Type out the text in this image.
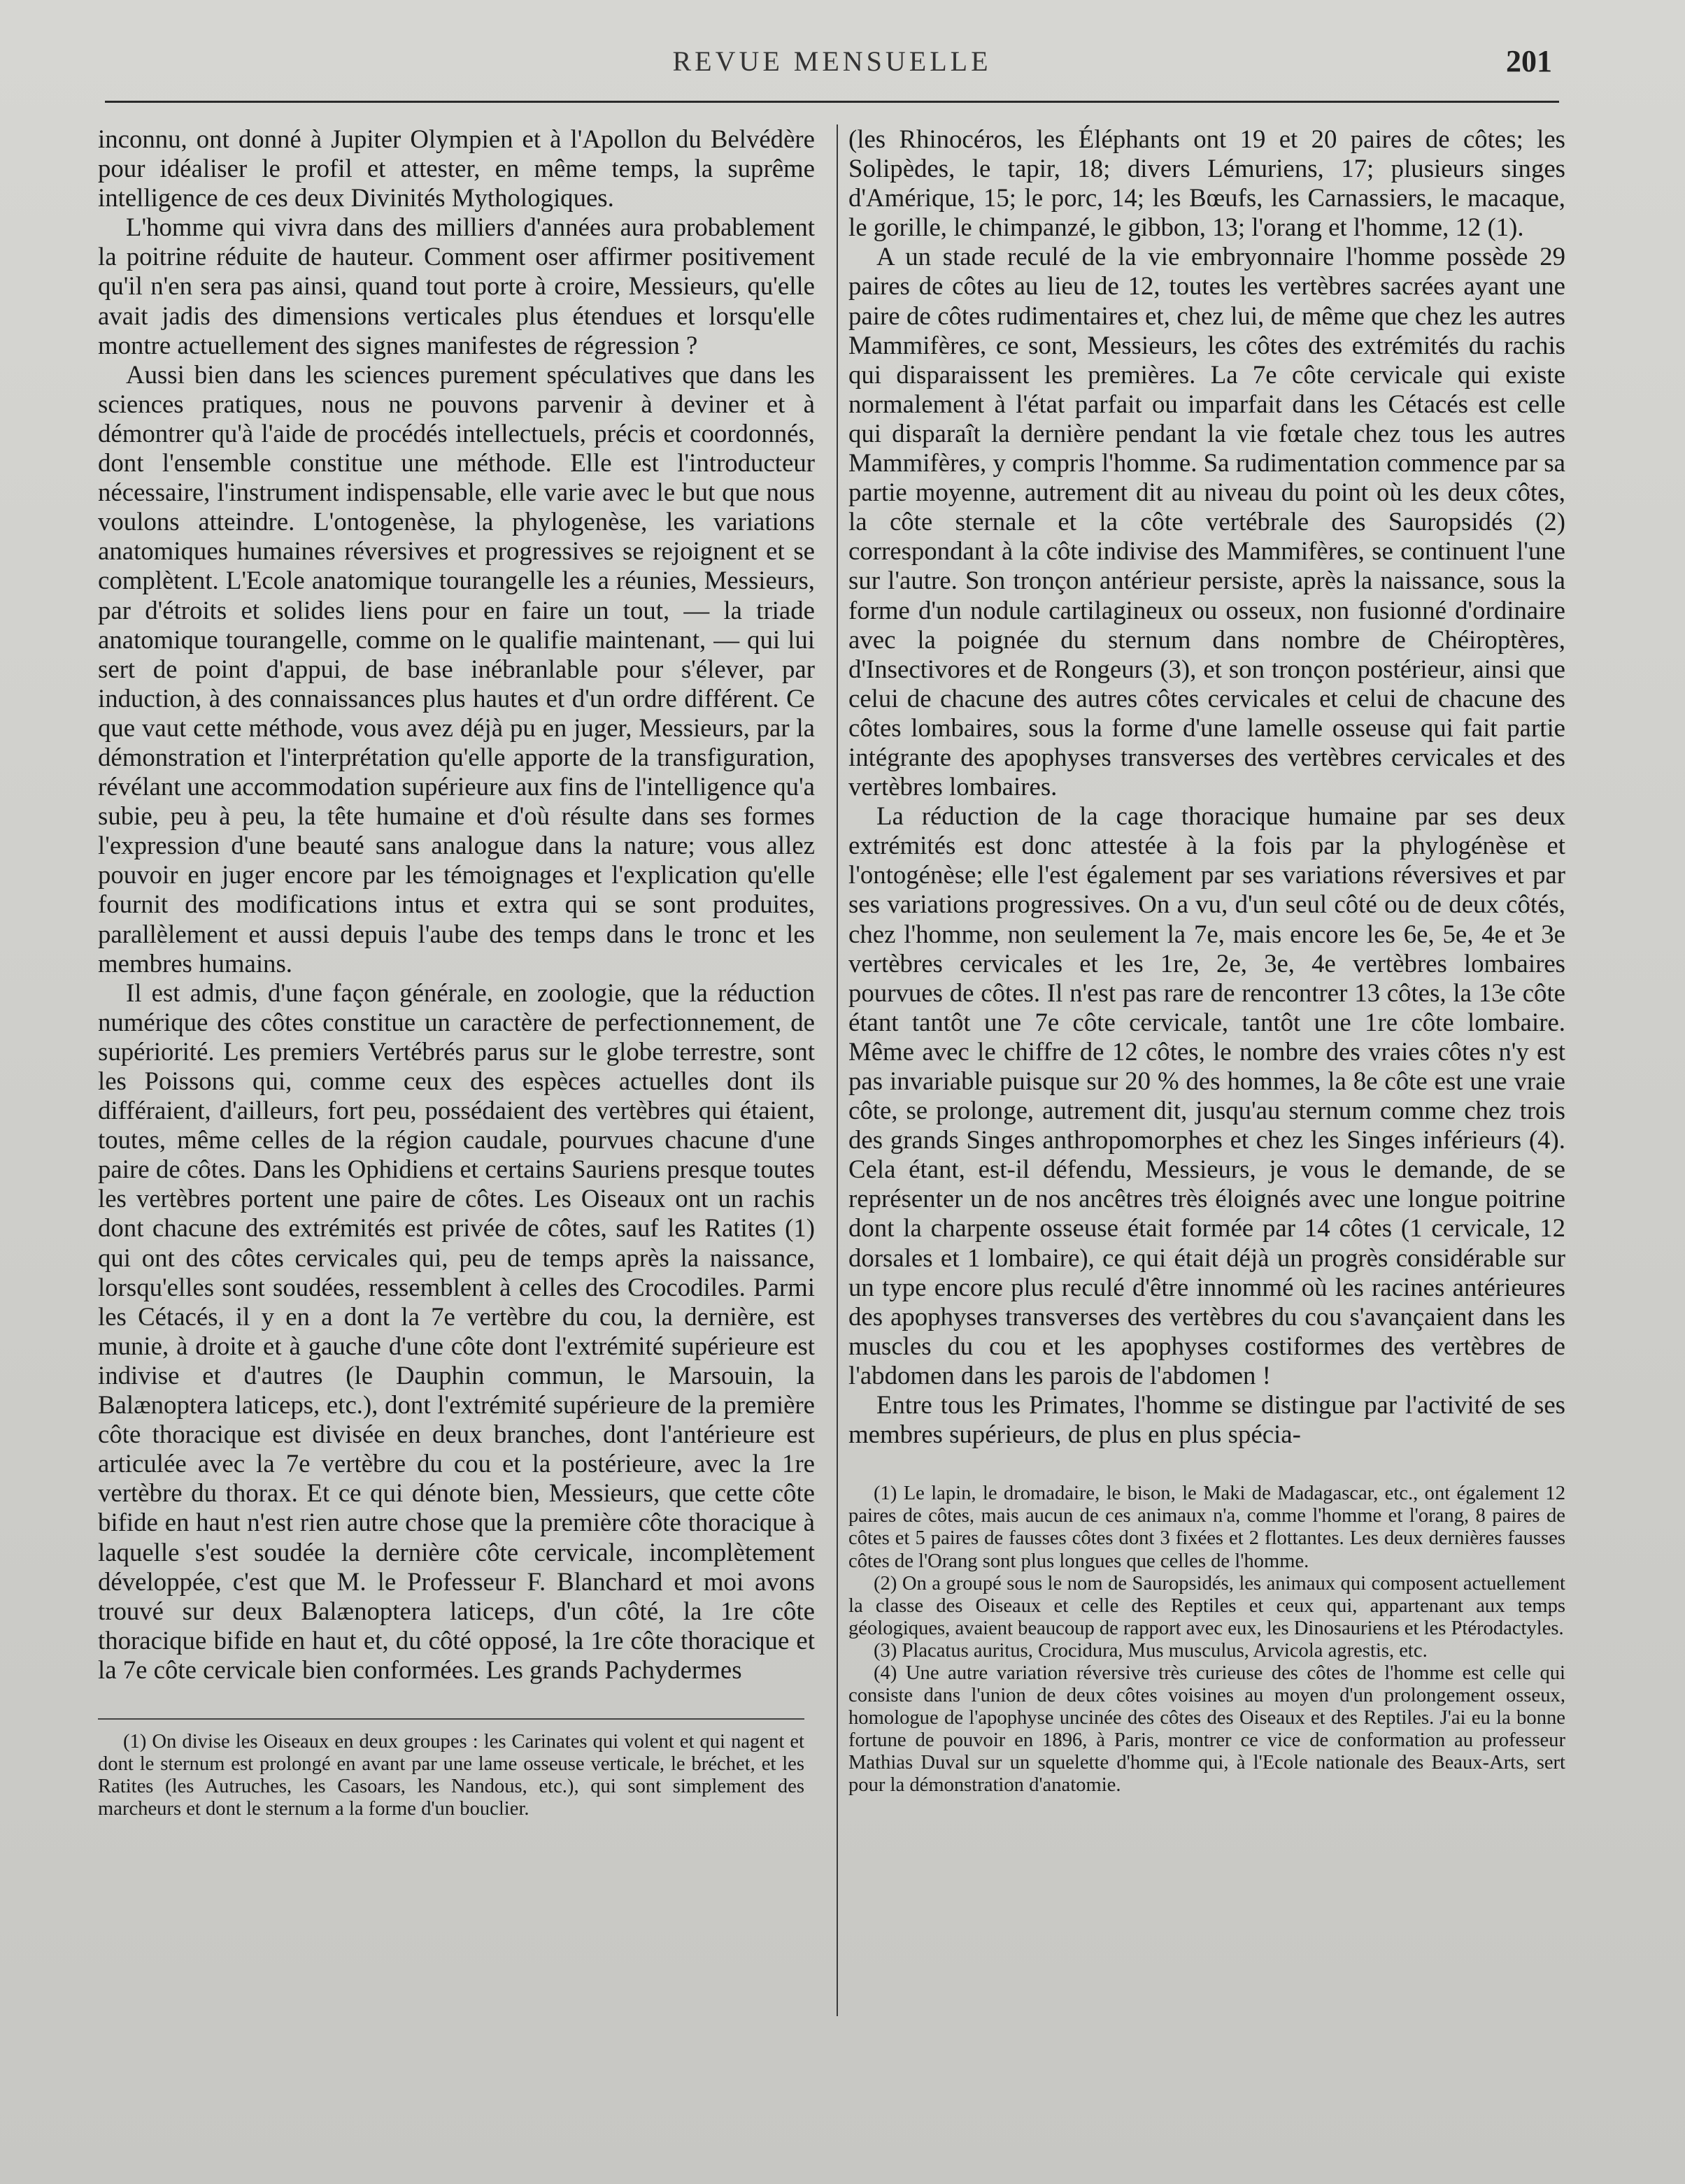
REVUE MENSUELLE	201

inconnu, ont donné à Jupiter Olympien et à l'Apollon du Belvédère pour idéaliser le profil et attester, en même temps, la suprême intelligence de ces deux Divinités Mythologiques.

L'homme qui vivra dans des milliers d'années aura probablement la poitrine réduite de hauteur. Comment oser affirmer positivement qu'il n'en sera pas ainsi, quand tout porte à croire, Messieurs, qu'elle avait jadis des dimensions verticales plus étendues et lorsqu'elle montre actuellement des signes manifestes de régression ?

Aussi bien dans les sciences purement spéculatives que dans les sciences pratiques, nous ne pouvons parvenir à deviner et à démontrer qu'à l'aide de procédés intellectuels, précis et coordonnés, dont l'ensemble constitue une méthode. Elle est l'introducteur nécessaire, l'instrument indispensable, elle varie avec le but que nous voulons atteindre. L'ontogenèse, la phylogenèse, les variations anatomiques humaines réversives et progressives se rejoignent et se complètent. L'Ecole anatomique tourangelle les a réunies, Messieurs, par d'étroits et solides liens pour en faire un tout, — la triade anatomique tourangelle, comme on le qualifie maintenant, — qui lui sert de point d'appui, de base inébranlable pour s'élever, par induction, à des connaissances plus hautes et d'un ordre différent. Ce que vaut cette méthode, vous avez déjà pu en juger, Messieurs, par la démonstration et l'interprétation qu'elle apporte de la transfiguration, révélant une accommodation supérieure aux fins de l'intelligence qu'a subie, peu à peu, la tête humaine et d'où résulte dans ses formes l'expression d'une beauté sans analogue dans la nature; vous allez pouvoir en juger encore par les témoignages et l'explication qu'elle fournit des modifications intus et extra qui se sont produites, parallèlement et aussi depuis l'aube des temps dans le tronc et les membres humains.

Il est admis, d'une façon générale, en zoologie, que la réduction numérique des côtes constitue un caractère de perfectionnement, de supériorité. Les premiers Vertébrés parus sur le globe terrestre, sont les Poissons qui, comme ceux des espèces actuelles dont ils différaient, d'ailleurs, fort peu, possédaient des vertèbres qui étaient, toutes, même celles de la région caudale, pourvues chacune d'une paire de côtes. Dans les Ophidiens et certains Sauriens presque toutes les vertèbres portent une paire de côtes. Les Oiseaux ont un rachis dont chacune des extrémités est privée de côtes, sauf les Ratites (1) qui ont des côtes cervicales qui, peu de temps après la naissance, lorsqu'elles sont soudées, ressemblent à celles des Crocodiles. Parmi les Cétacés, il y en a dont la 7e vertèbre du cou, la dernière, est munie, à droite et à gauche d'une côte dont l'extrémité supérieure est indivise et d'autres (le Dauphin commun, le Marsouin, la Balænoptera laticeps, etc.), dont l'extrémité supérieure de la première côte thoracique est divisée en deux branches, dont l'antérieure est articulée avec la 7e vertèbre du cou et la postérieure, avec la 1re vertèbre du thorax. Et ce qui dénote bien, Messieurs, que cette côte bifide en haut n'est rien autre chose que la première côte thoracique à laquelle s'est soudée la dernière côte cervicale, incomplètement développée, c'est que M. le Professeur F. Blanchard et moi avons trouvé sur deux Balænoptera laticeps, d'un côté, la 1re côte thoracique bifide en haut et, du côté opposé, la 1re côte thoracique et la 7e côte cervicale bien conformées. Les grands Pachydermes

(1) On divise les Oiseaux en deux groupes : les Carinates qui volent et qui nagent et dont le sternum est prolongé en avant par une lame osseuse verticale, le bréchet, et les Ratites (les Autruches, les Casoars, les Nandous, etc.), qui sont simplement des marcheurs et dont le sternum a la forme d'un bouclier.

(les Rhinocéros, les Éléphants ont 19 et 20 paires de côtes; les Solipèdes, le tapir, 18; divers Lémuriens, 17; plusieurs singes d'Amérique, 15; le porc, 14; les Bœufs, les Carnassiers, le macaque, le gorille, le chimpanzé, le gibbon, 13; l'orang et l'homme, 12 (1).

A un stade reculé de la vie embryonnaire l'homme possède 29 paires de côtes au lieu de 12, toutes les vertèbres sacrées ayant une paire de côtes rudimentaires et, chez lui, de même que chez les autres Mammifères, ce sont, Messieurs, les côtes des extrémités du rachis qui disparaissent les premières. La 7e côte cervicale qui existe normalement à l'état parfait ou imparfait dans les Cétacés est celle qui disparaît la dernière pendant la vie fœtale chez tous les autres Mammifères, y compris l'homme. Sa rudimentation commence par sa partie moyenne, autrement dit au niveau du point où les deux côtes, la côte sternale et la côte vertébrale des Sauropsidés (2) correspondant à la côte indivise des Mammifères, se continuent l'une sur l'autre. Son tronçon antérieur persiste, après la naissance, sous la forme d'un nodule cartilagineux ou osseux, non fusionné d'ordinaire avec la poignée du sternum dans nombre de Chéiroptères, d'Insectivores et de Rongeurs (3), et son tronçon postérieur, ainsi que celui de chacune des autres côtes cervicales et celui de chacune des côtes lombaires, sous la forme d'une lamelle osseuse qui fait partie intégrante des apophyses transverses des vertèbres cervicales et des vertèbres lombaires.

La réduction de la cage thoracique humaine par ses deux extrémités est donc attestée à la fois par la phylogénèse et l'ontogénèse; elle l'est également par ses variations réversives et par ses variations progressives. On a vu, d'un seul côté ou de deux côtés, chez l'homme, non seulement la 7e, mais encore les 6e, 5e, 4e et 3e vertèbres cervicales et les 1re, 2e, 3e, 4e vertèbres lombaires pourvues de côtes. Il n'est pas rare de rencontrer 13 côtes, la 13e côte étant tantôt une 7e côte cervicale, tantôt une 1re côte lombaire. Même avec le chiffre de 12 côtes, le nombre des vraies côtes n'y est pas invariable puisque sur 20 % des hommes, la 8e côte est une vraie côte, se prolonge, autrement dit, jusqu'au sternum comme chez trois des grands Singes anthropomorphes et chez les Singes inférieurs (4). Cela étant, est-il défendu, Messieurs, je vous le demande, de se représenter un de nos ancêtres très éloignés avec une longue poitrine dont la charpente osseuse était formée par 14 côtes (1 cervicale, 12 dorsales et 1 lombaire), ce qui était déjà un progrès considérable sur un type encore plus reculé d'être innommé où les racines antérieures des apophyses transverses des vertèbres du cou s'avançaient dans les muscles du cou et les apophyses costiformes des vertèbres de l'abdomen dans les parois de l'abdomen !

Entre tous les Primates, l'homme se distingue par l'activité de ses membres supérieurs, de plus en plus spécia-

(1) Le lapin, le dromadaire, le bison, le Maki de Madagascar, etc., ont également 12 paires de côtes, mais aucun de ces animaux n'a, comme l'homme et l'orang, 8 paires de côtes et 5 paires de fausses côtes dont 3 fixées et 2 flottantes. Les deux dernières fausses côtes de l'Orang sont plus longues que celles de l'homme.

(2) On a groupé sous le nom de Sauropsidés, les animaux qui composent actuellement la classe des Oiseaux et celle des Reptiles et ceux qui, appartenant aux temps géologiques, avaient beaucoup de rapport avec eux, les Dinosauriens et les Ptérodactyles.

(3) Placatus auritus, Crocidura, Mus musculus, Arvicola agrestis, etc.

(4) Une autre variation réversive très curieuse des côtes de l'homme est celle qui consiste dans l'union de deux côtes voisines au moyen d'un prolongement osseux, homologue de l'apophyse uncinée des côtes des Oiseaux et des Reptiles. J'ai eu la bonne fortune de pouvoir en 1896, à Paris, montrer ce vice de conformation au professeur Mathias Duval sur un squelette d'homme qui, à l'Ecole nationale des Beaux-Arts, sert pour la démonstration d'anatomie.
